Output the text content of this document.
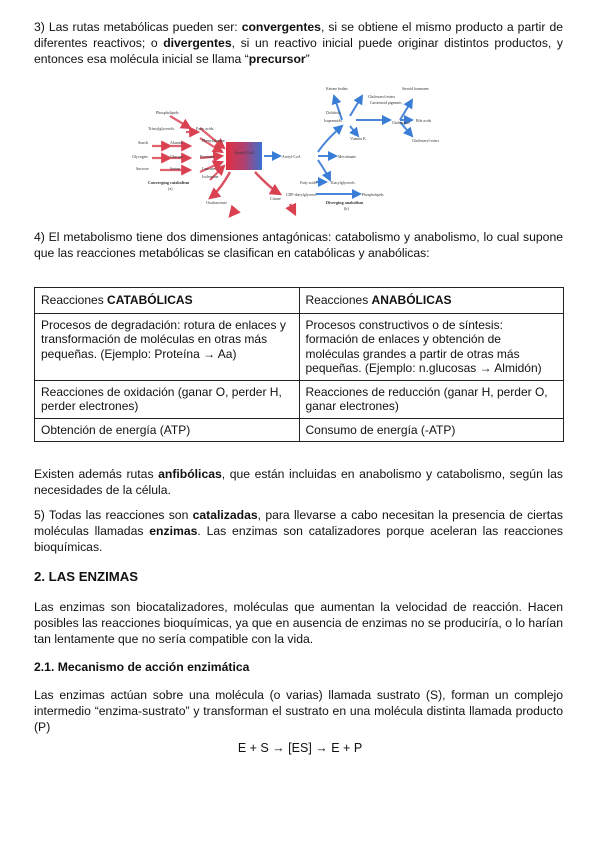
3) Las rutas metabólicas pueden ser: convergentes, si se obtiene el mismo producto a partir de diferentes reactivos; o divergentes, si un reactivo inicial puede originar distintos productos, y entonces esa molécula inicial se llama “precursor”

Acetyl CoA
Phospholipids
Triacylglycerols	Fatty acids
Starch	Alanine	Phenylalanine
Glycogen	Glucose	Pyruvate
Sucrose	Serine	Leucine
Isoleucine
Converging catabolism
(a)
Oxaloacetate
Citrate
Acetyl-CoA
Isoprenoids
Mevalonate
Fatty acids	Triacylglycerols
CDP-diacylglycerol	Phospholipids
Ketone bodies
Cholesterol esters
Steroid hormones
Bile acids
Vitamin K
Carotenoid pigments
Dolichols
Cholesterol
Cholesteryl esters
Diverging anabolism
(b)

4) El metabolismo tiene dos dimensiones antagónicas: catabolismo y anabolismo, lo cual supone que las reacciones metabólicas se clasifican en catabólicas y anabólicas:

Reacciones CATABÓLICAS	Reacciones ANABÓLICAS
Procesos de degradación: rotura de enlaces y transformación de moléculas en otras más pequeñas. (Ejemplo: Proteína → Aa)	Procesos constructivos o de síntesis: formación de enlaces y obtención de moléculas grandes a partir de otras más pequeñas. (Ejemplo: n.glucosas → Almidón)
Reacciones de oxidación (ganar O, perder H, perder electrones)	Reacciones de reducción (ganar H, perder O, ganar electrones)
Obtención de energía (ATP)	Consumo de energía (-ATP)

Existen además rutas anfibólicas, que están incluidas en anabolismo y catabolismo, según las necesidades de la célula.

5) Todas las reacciones son catalizadas, para llevarse a cabo necesitan la presencia de ciertas moléculas llamadas enzimas. Las enzimas son catalizadores porque aceleran las reacciones bioquímicas.

2. LAS ENZIMAS

Las enzimas son biocatalizadores, moléculas que aumentan la velocidad de reacción. Hacen posibles las reacciones bioquímicas, ya que en ausencia de enzimas no se produciría, o lo harían tan lentamente que no sería compatible con la vida.

2.1. Mecanismo de acción enzimática

Las enzimas actúan sobre una molécula (o varias) llamada sustrato (S), forman un complejo intermedio “enzima-sustrato” y transforman el sustrato en una molécula distinta llamada producto (P)

E + S → [ES] → E + P
